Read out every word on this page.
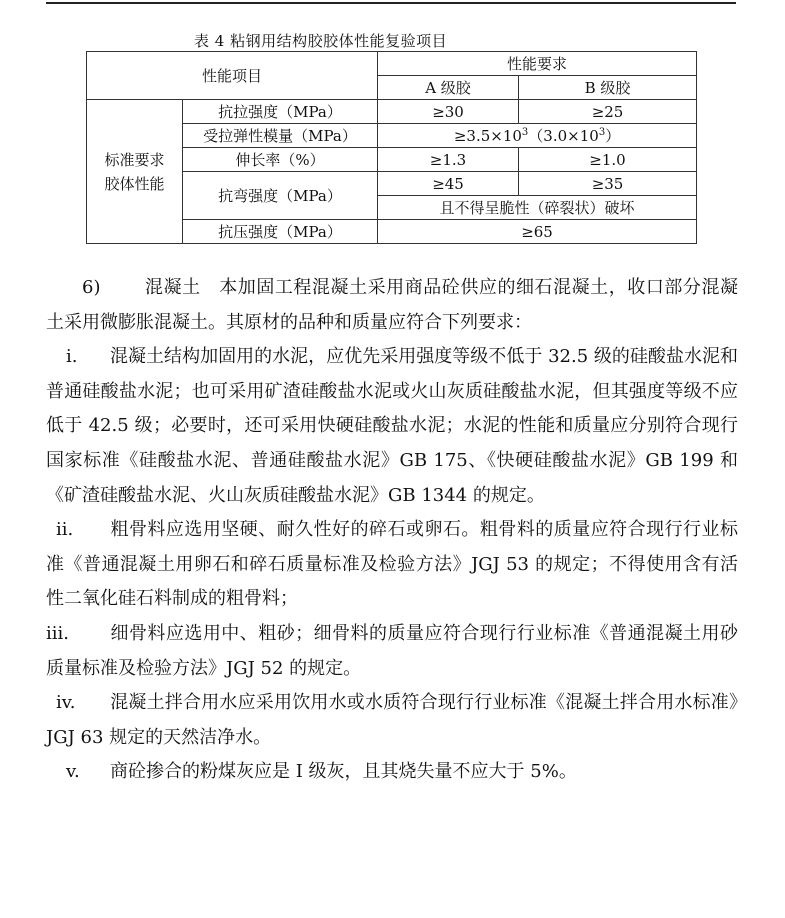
表 4 粘钢用结构胶胶体性能复验项目
性能项目		性能要求	
		A 级胶	B 级胶
标准要求胶体性能	抗拉强度（MPa）	≥30	≥25
	受拉弹性模量（MPa）	$\ge 3.5\times 10^3(3.0\times 10^3)$	
	伸长率（%）	≥1.3	≥1.0
	抗弯强度（MPa）	≥45	≥35
		且不得呈脆性（碎裂状）破坏	
	抗压强度（MPa）	≥65	

6) 混凝土 本加固工程混凝土采用商品砼供应的细石混凝土，收口部分混凝土采用微膨胀混凝土。其原材的品种和质量应符合下列要求：

i. 混凝土结构加固用的水泥，应优先采用强度等级不低于 32.5 级的硅酸盐水泥和普通硅酸盐水泥；也可采用矿渣硅酸盐水泥或火山灰质硅酸盐水泥，但其强度等级不应低于 42.5 级；必要时，还可采用快硬硅酸盐水泥；水泥的性能和质量应分别符合现行国家标准《硅酸盐水泥、普通硅酸盐水泥》GB 175、《快硬硅酸盐水泥》GB 199 和《矿渣硅酸盐水泥、火山灰质硅酸盐水泥》GB 1344 的规定。

ii. 粗骨料应选用坚硬、耐久性好的碎石或卵石。粗骨料的质量应符合现行行业标准《普通混凝土用卵石和碎石质量标准及检验方法》JGJ 53 的规定；不得使用含有活性二氧化硅石料制成的粗骨料；

iii. 细骨料应选用中、粗砂；细骨料的质量应符合现行行业标准《普通混凝土用砂质量标准及检验方法》JGJ 52 的规定。

iv. 混凝土拌合用水应采用饮用水或水质符合现行行业标准《混凝土拌合用水标准》JGJ 63 规定的天然洁净水。

v. 商砼掺合的粉煤灰应是 I 级灰，且其烧失量不应大于 5%。
